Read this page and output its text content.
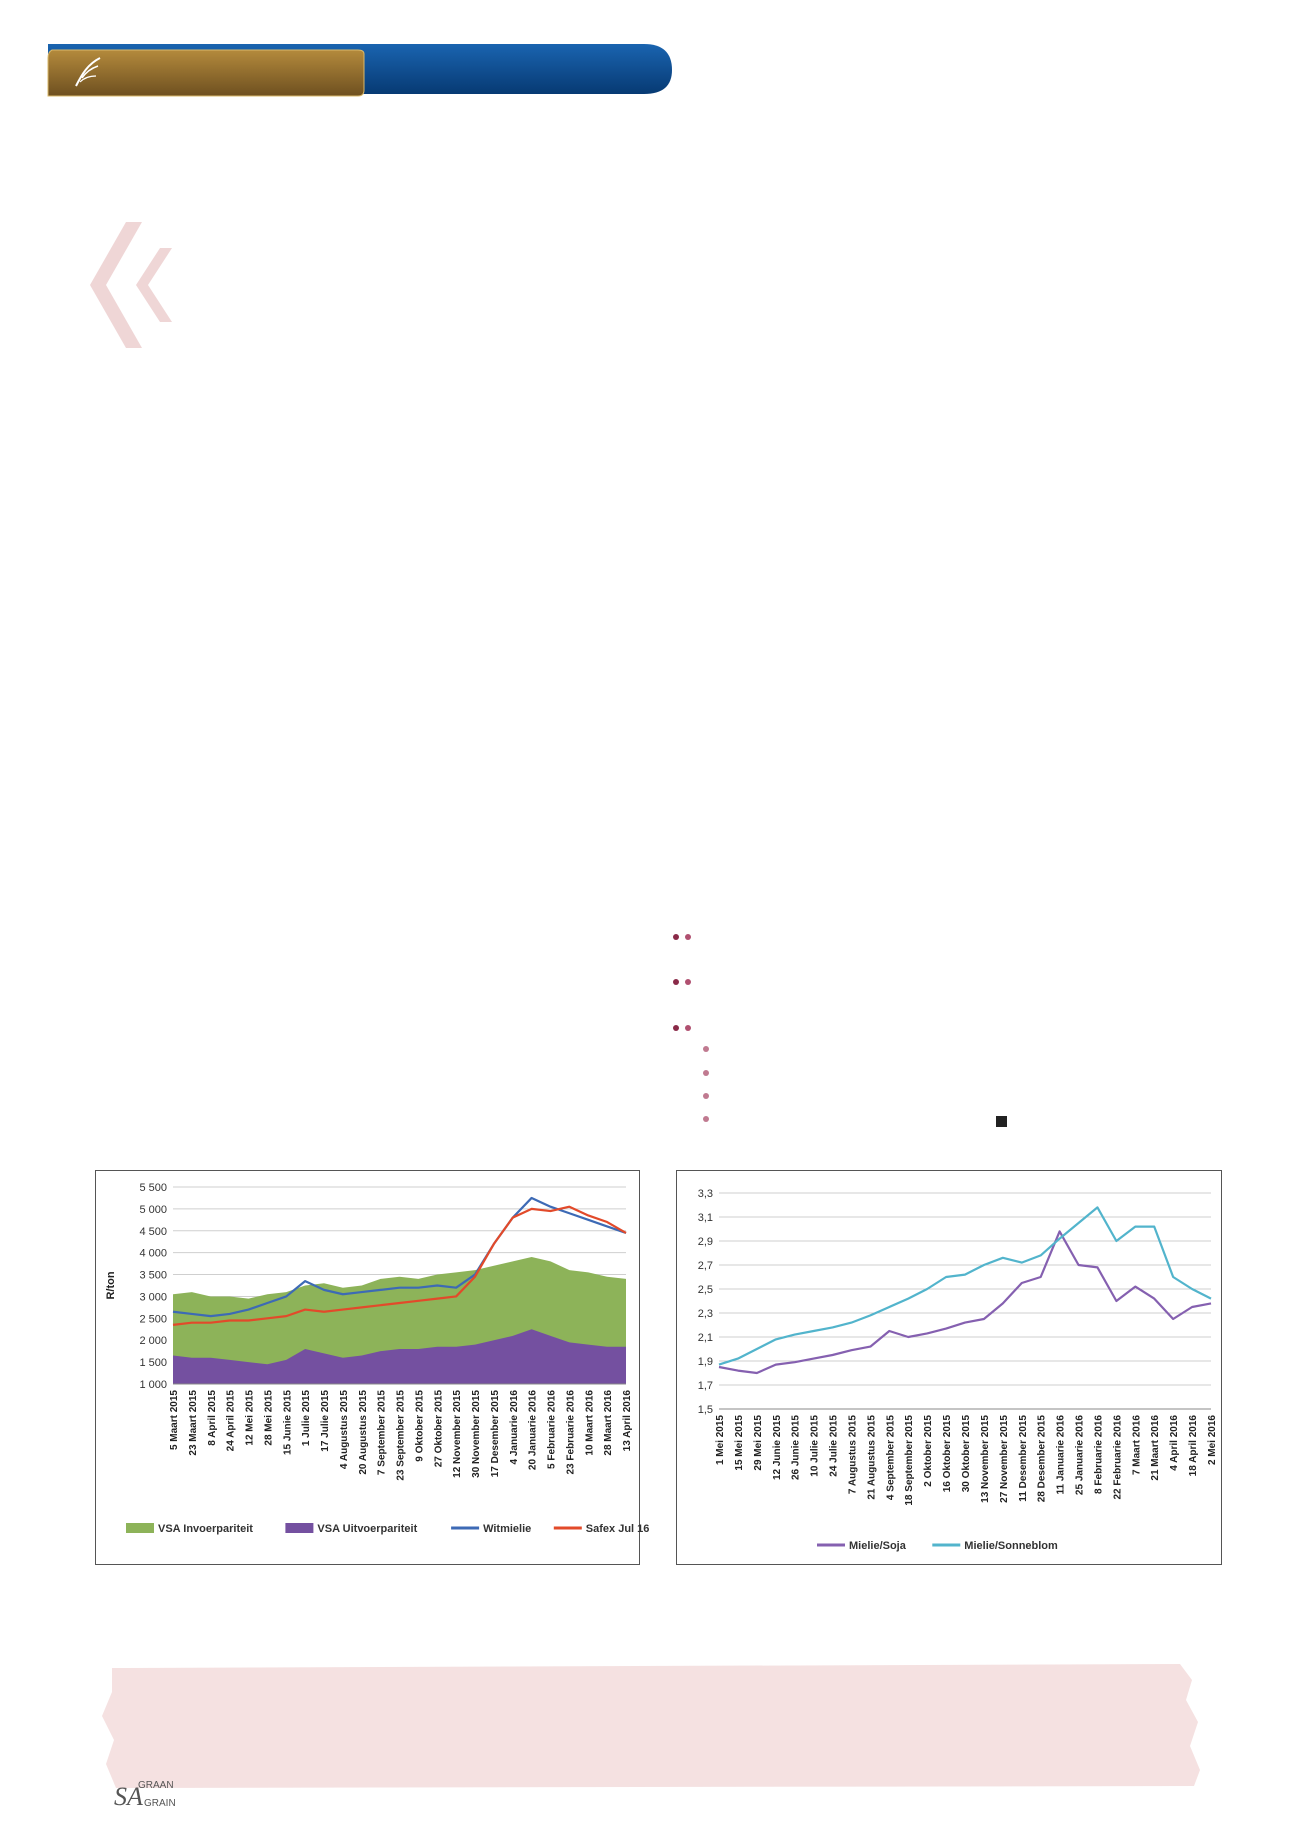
1 000
1 500
2 000
2 500
3 000
3 500
4 000
4 500
5 000
5 500
R/ton
5 Maart 2015 23 Maart 2015 8 April 2015 24 April 2015 12 Mei 2015 28 Mei 2015 15 Junie 2015 1 Julie 2015 17 Julie 2015 4 Augustus 2015 20 Augustus 2015 7 September 2015 23 September 2015 9 Oktober 2015 27 Oktober 2015 12 November 2015 30 November 2015 17 Desember 2015 4 Januarie 2016 20 Januarie 2016 5 Februarie 2016 23 Februarie 2016 10 Maart 2016 28 Maart 2016 13 April 2016
VSA Invoerpariteit	VSA Uitvoerpariteit	Witmielie	Safex Jul 16
1,5
1,7
1,9
2,1
2,3
2,5
2,7
2,9
3,1
3,3
1 Mei 2015 15 Mei 2015 29 Mei 2015 12 Junie 2015 26 Junie 2015 10 Julie 2015 24 Julie 2015 7 Augustus 2015 21 Augustus 2015 4 September 2015 18 September 2015 2 Oktober 2015 16 Oktober 2015 30 Oktober 2015 13 November 2015 27 November 2015 11 Desember 2015 28 Desember 2015 11 Januarie 2016 25 Januarie 2016 8 Februarie 2016 22 Februarie 2016 7 Maart 2016 21 Maart 2016 4 April 2016 18 April 2016 2 Mei 2016
Mielie/Soja	Mielie/Sonneblom
SA
GRAAN
GRAIN
